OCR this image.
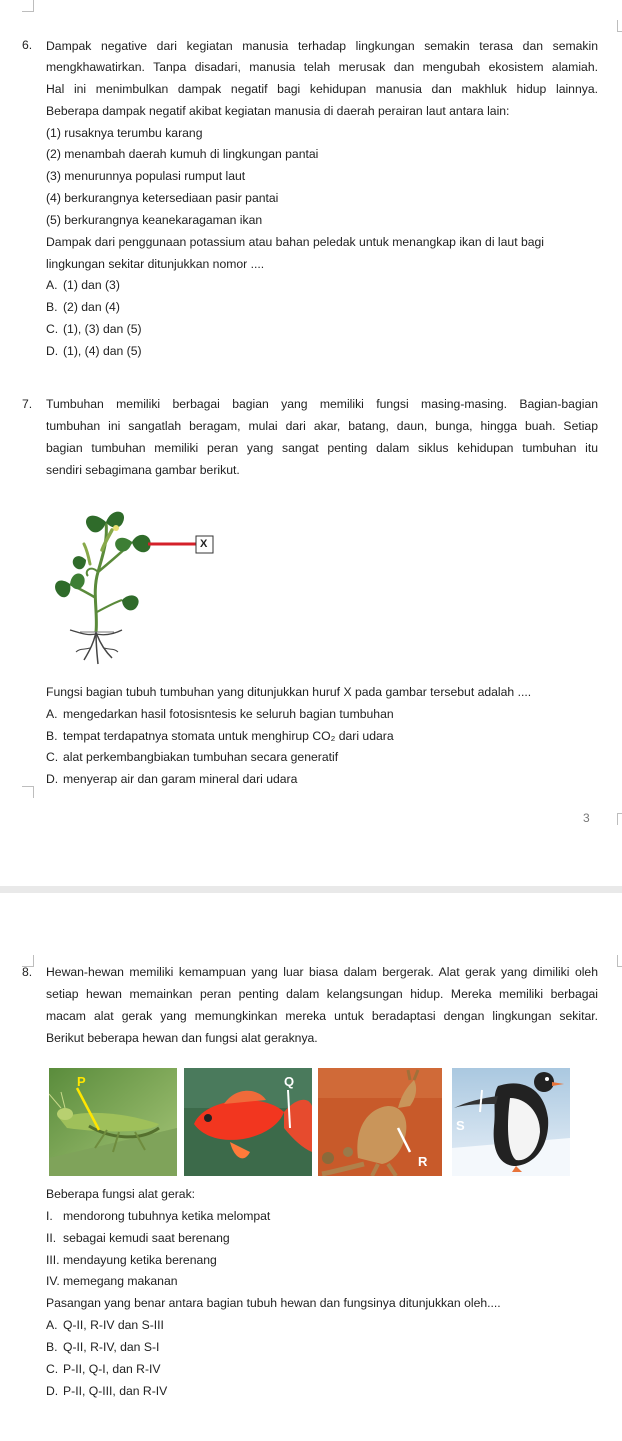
6. Dampak negative dari kegiatan manusia terhadap lingkungan semakin terasa dan semakin
mengkhawatirkan. Tanpa disadari, manusia telah merusak dan mengubah ekosistem alamiah.
Hal ini menimbulkan dampak negatif bagi kehidupan manusia dan makhluk hidup lainnya.
Beberapa dampak negatif akibat kegiatan manusia di daerah perairan laut antara lain:
(1) rusaknya terumbu karang
(2) menambah daerah kumuh di lingkungan pantai
(3) menurunnya populasi rumput laut
(4) berkurangnya ketersediaan pasir pantai
(5) berkurangnya keanekaragaman ikan
Dampak dari penggunaan potassium atau bahan peledak untuk menangkap ikan di laut bagi
lingkungan sekitar ditunjukkan nomor ....
A. (1) dan (3)
B. (2) dan (4)
C. (1), (3) dan (5)
D. (1), (4) dan (5)
7. Tumbuhan memiliki berbagai bagian yang memiliki fungsi masing-masing. Bagian-bagian
tumbuhan ini sangatlah beragam, mulai dari akar, batang, daun, bunga, hingga buah. Setiap
bagian tumbuhan memiliki peran yang sangat penting dalam siklus kehidupan tumbuhan itu
sendiri sebagimana gambar berikut.
X
Fungsi bagian tubuh tumbuhan yang ditunjukkan huruf X pada gambar tersebut adalah ....
A. mengedarkan hasil fotosisntesis ke seluruh bagian tumbuhan
B. tempat terdapatnya stomata untuk menghirup CO₂ dari udara
C. alat perkembangbiakan tumbuhan secara generatif
D. menyerap air dan garam mineral dari udara
3
8. Hewan-hewan memiliki kemampuan yang luar biasa dalam bergerak. Alat gerak yang dimiliki oleh
setiap hewan memainkan peran penting dalam kelangsungan hidup. Mereka memiliki berbagai
macam alat gerak yang memungkinkan mereka untuk beradaptasi dengan lingkungan sekitar.
Berikut beberapa hewan dan fungsi alat geraknya.
P	Q
R
S
Beberapa fungsi alat gerak:
I. mendorong tubuhnya ketika melompat
II. sebagai kemudi saat berenang
III. mendayung ketika berenang
IV. memegang makanan
Pasangan yang benar antara bagian tubuh hewan dan fungsinya ditunjukkan oleh....
A. Q-II, R-IV dan S-III
B. Q-II, R-IV, dan S-I
C. P-II, Q-I, dan R-IV
D. P-II, Q-III, dan R-IV
